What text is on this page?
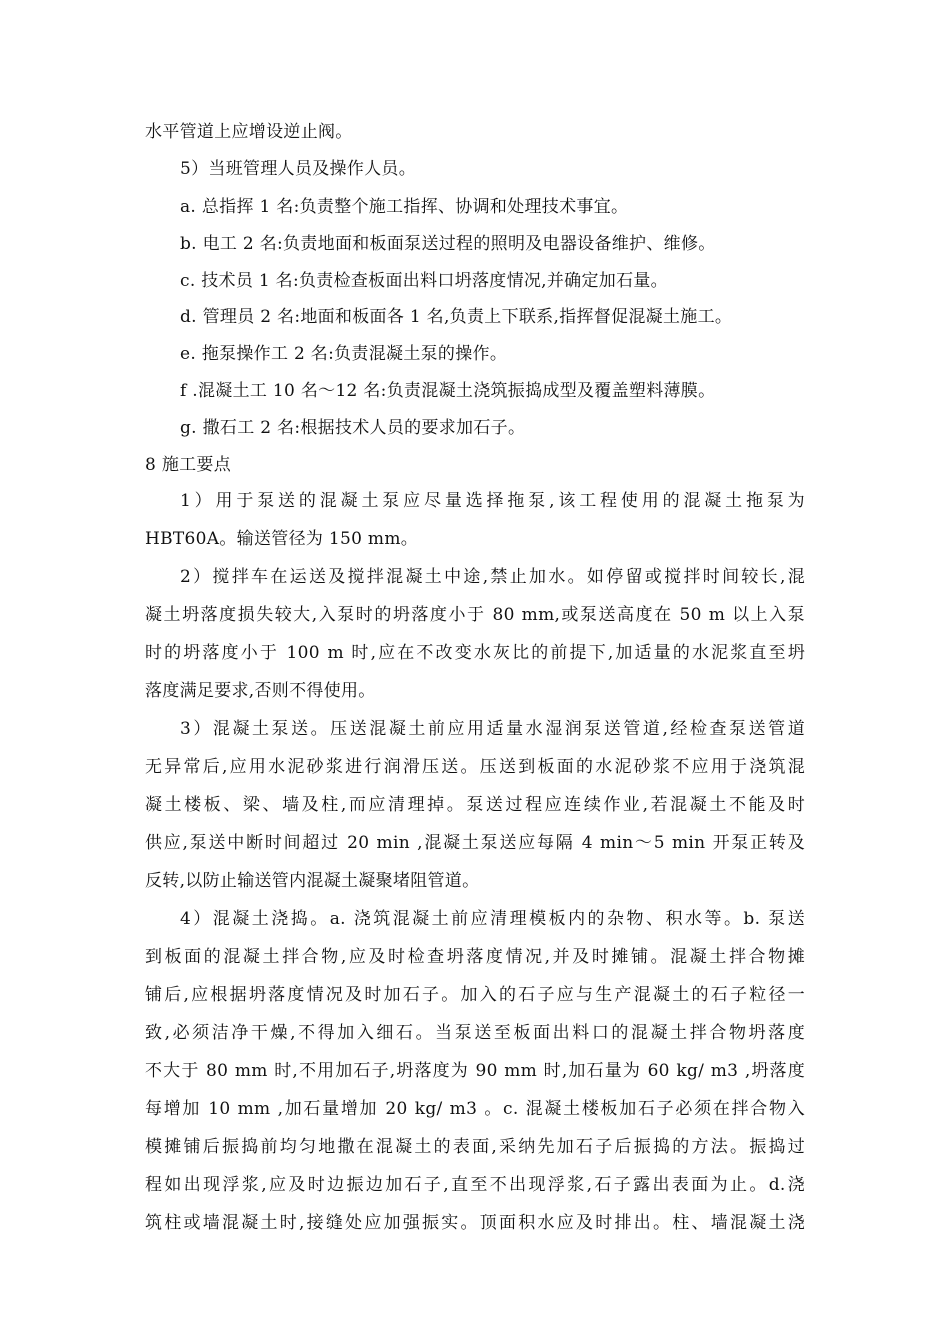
水平管道上应增设逆止阀。
5）当班管理人员及操作人员。
a. 总指挥 1 名:负责整个施工指挥、协调和处理技术事宜。
b. 电工 2 名:负责地面和板面泵送过程的照明及电器设备维护、维修。
c. 技术员 1 名:负责检查板面出料口坍落度情况,并确定加石量。
d. 管理员 2 名:地面和板面各 1 名,负责上下联系,指挥督促混凝土施工。
e. 拖泵操作工 2 名:负责混凝土泵的操作。
f .混凝土工 10 名～12 名:负责混凝土浇筑振捣成型及覆盖塑料薄膜。
g. 撒石工 2 名:根据技术人员的要求加石子。
8 施工要点
1）用于泵送的混凝土泵应尽量选择拖泵,该工程使用的混凝土拖泵为
HBT60A。输送管径为 150 mm。
2）搅拌车在运送及搅拌混凝土中途,禁止加水。如停留或搅拌时间较长,混
凝土坍落度损失较大,入泵时的坍落度小于 80 mm,或泵送高度在 50 m 以上入泵
时的坍落度小于 100 m 时,应在不改变水灰比的前提下,加适量的水泥浆直至坍
落度满足要求,否则不得使用。
3）混凝土泵送。压送混凝土前应用适量水湿润泵送管道,经检查泵送管道
无异常后,应用水泥砂浆进行润滑压送。压送到板面的水泥砂浆不应用于浇筑混
凝土楼板、梁、墙及柱,而应清理掉。泵送过程应连续作业,若混凝土不能及时
供应,泵送中断时间超过 20 min ,混凝土泵送应每隔 4 min～5 min 开泵正转及
反转,以防止输送管内混凝土凝聚堵阻管道。
4）混凝土浇捣。a. 浇筑混凝土前应清理模板内的杂物、积水等。b. 泵送
到板面的混凝土拌合物,应及时检查坍落度情况,并及时摊铺。混凝土拌合物摊
铺后,应根据坍落度情况及时加石子。加入的石子应与生产混凝土的石子粒径一
致,必须洁净干燥,不得加入细石。当泵送至板面出料口的混凝土拌合物坍落度
不大于 80 mm 时,不用加石子,坍落度为 90 mm 时,加石量为 60 kg/ m3 ,坍落度
每增加 10 mm ,加石量增加 20 kg/ m3 。c. 混凝土楼板加石子必须在拌合物入
模摊铺后振捣前均匀地撒在混凝土的表面,采纳先加石子后振捣的方法。振捣过
程如出现浮浆,应及时边振边加石子,直至不出现浮浆,石子露出表面为止。d.浇
筑柱或墙混凝土时,接缝处应加强振实。顶面积水应及时排出。柱、墙混凝土浇
